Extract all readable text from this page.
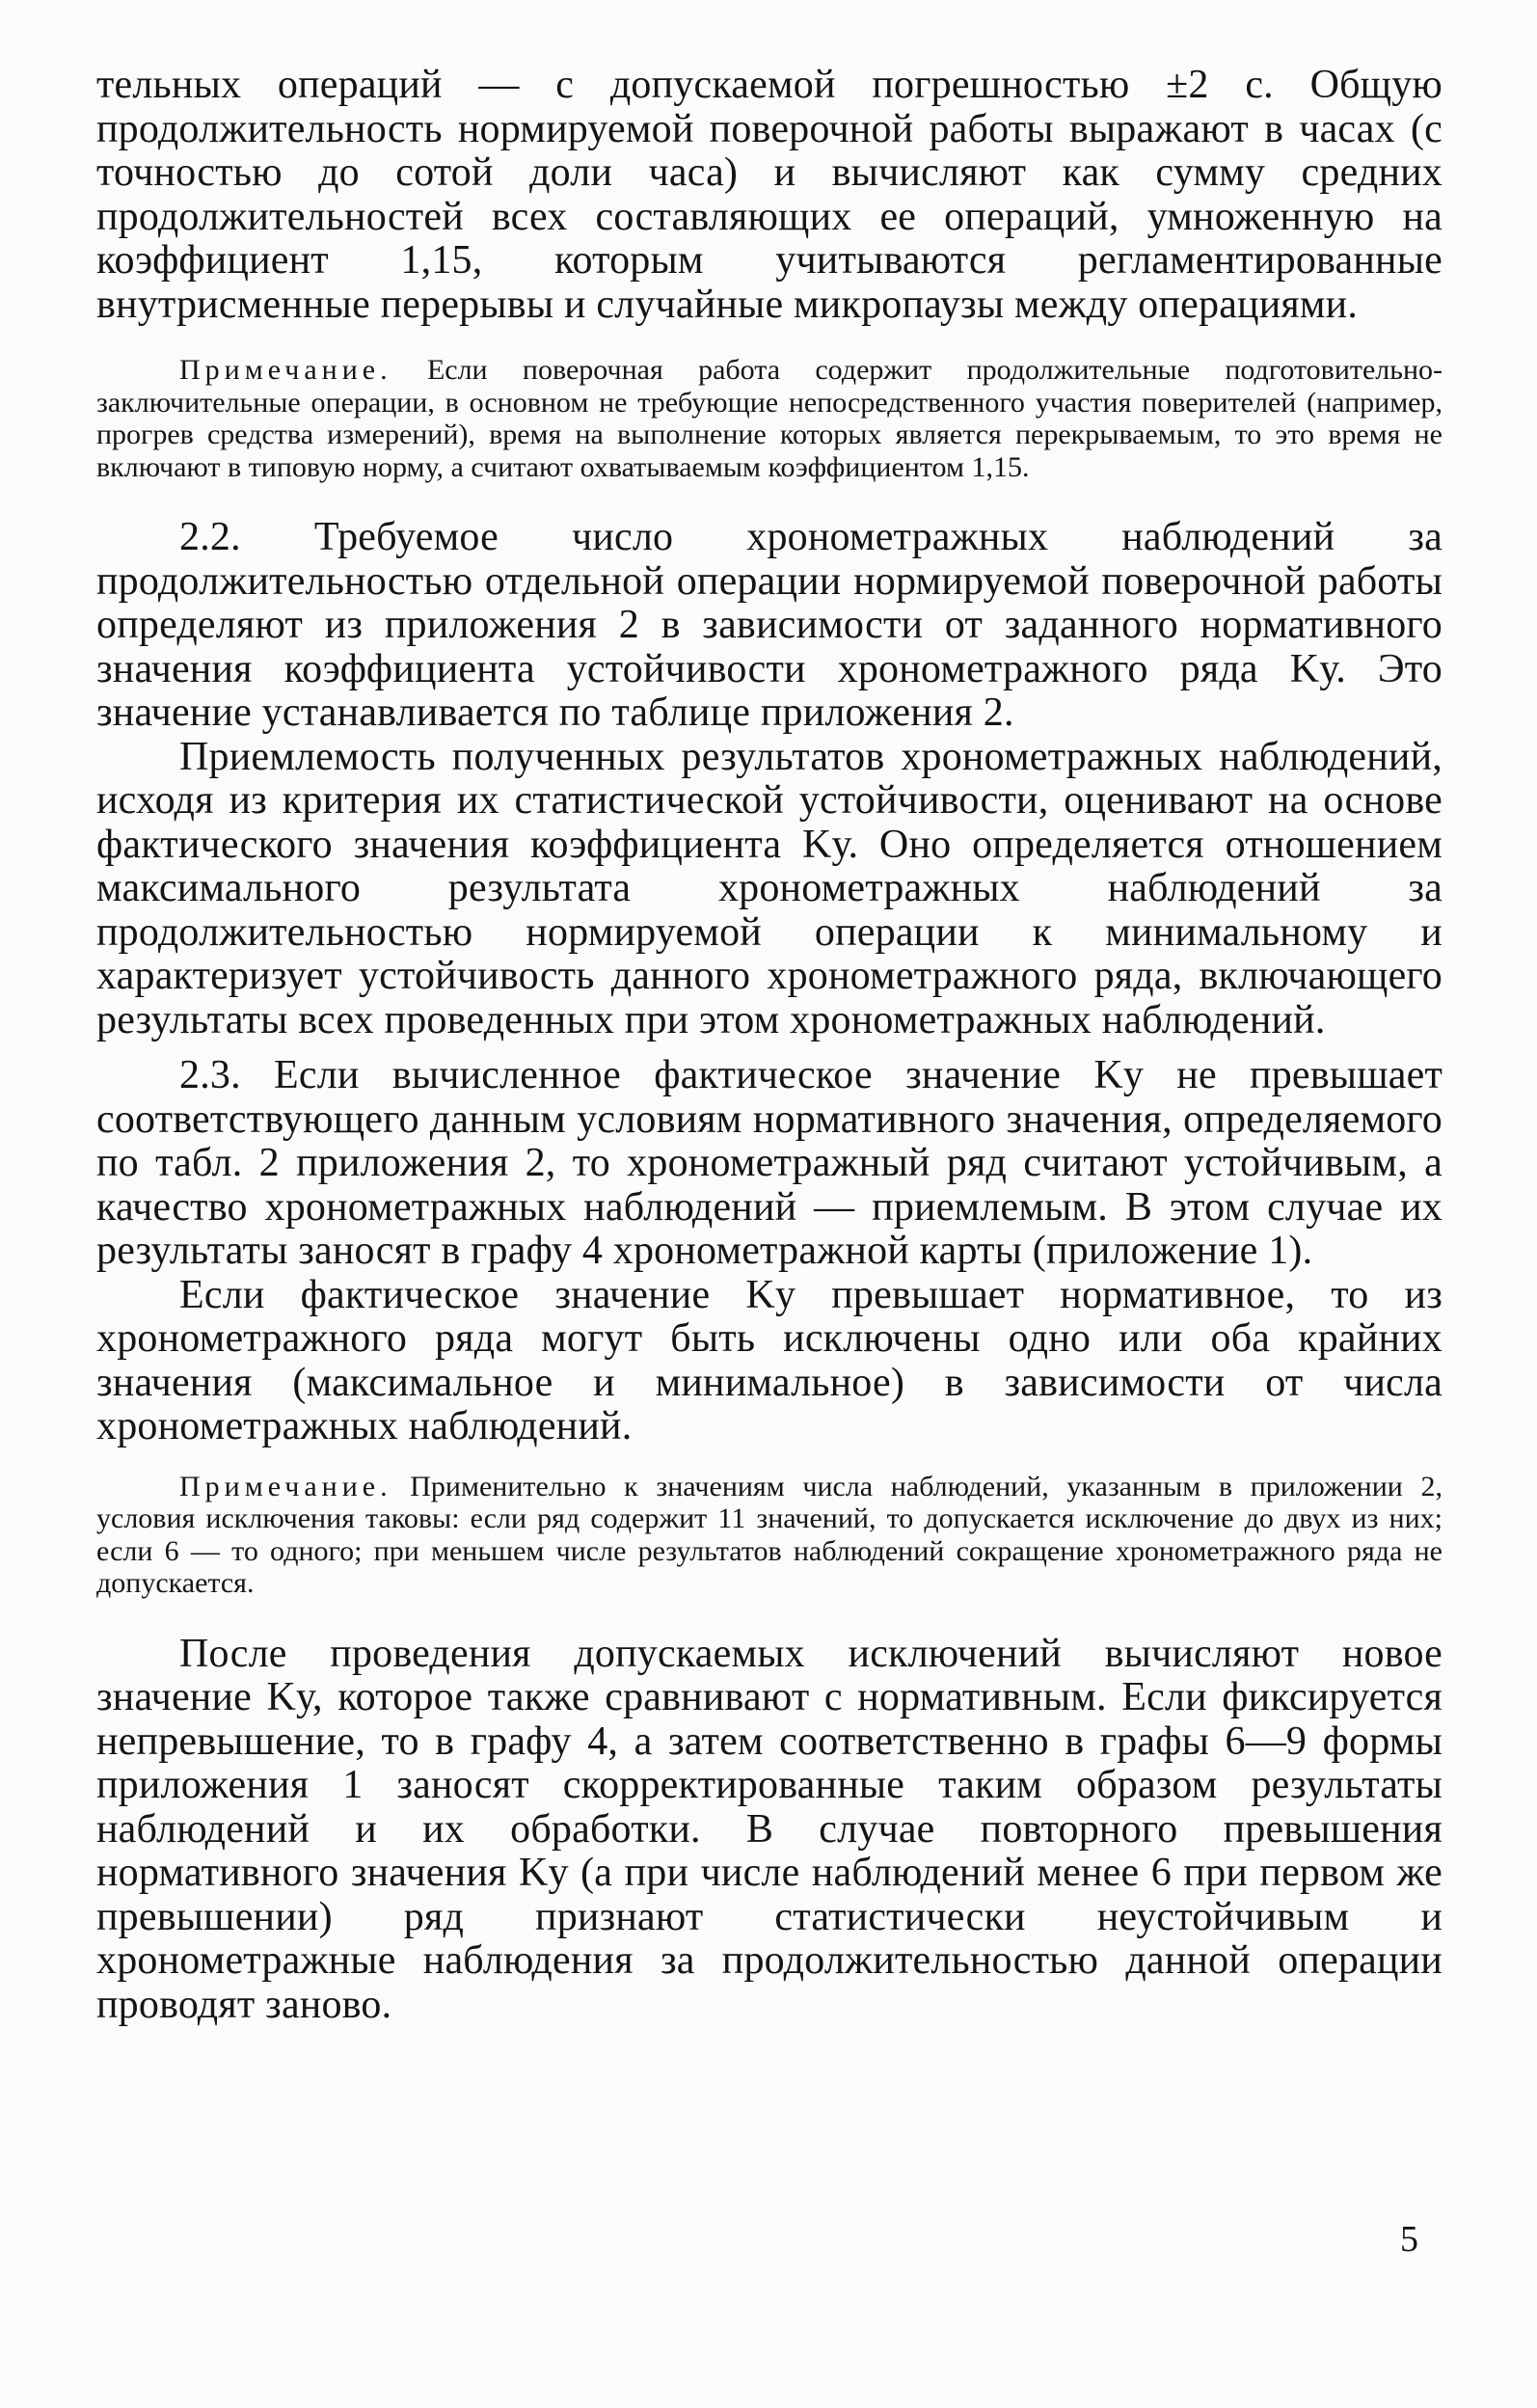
тельных операций — с допускаемой погрешностью ±2 с. Общую продолжительность нормируемой поверочной работы выражают в часах (с точностью до сотой доли часа) и вычисляют как сумму средних продолжительностей всех составляющих ее операций, умноженную на коэффициент 1,15, которым учитываются регламентированные внутрисменные перерывы и случайные микропаузы между операциями.

Примечание. Если поверочная работа содержит продолжительные подготовительно-заключительные операции, в основном не требующие непосредственного участия поверителей (например, прогрев средства измерений), время на выполнение которых является перекрываемым, то это время не включают в типовую норму, а считают охватываемым коэффициентом 1,15.

2.2. Требуемое число хронометражных наблюдений за продолжительностью отдельной операции нормируемой поверочной работы определяют из приложения 2 в зависимости от заданного нормативного значения коэффициента устойчивости хронометражного ряда Kу. Это значение устанавливается по таблице приложения 2.

Приемлемость полученных результатов хронометражных наблюдений, исходя из критерия их статистической устойчивости, оценивают на основе фактического значения коэффициента Kу. Оно определяется отношением максимального результата хронометражных наблюдений за продолжительностью нормируемой операции к минимальному и характеризует устойчивость данного хронометражного ряда, включающего результаты всех проведенных при этом хронометражных наблюдений.

2.3. Если вычисленное фактическое значение Kу не превышает соответствующего данным условиям нормативного значения, определяемого по табл. 2 приложения 2, то хронометражный ряд считают устойчивым, а качество хронометражных наблюдений — приемлемым. В этом случае их результаты заносят в графу 4 хронометражной карты (приложение 1).

Если фактическое значение Kу превышает нормативное, то из хронометражного ряда могут быть исключены одно или оба крайних значения (максимальное и минимальное) в зависимости от числа хронометражных наблюдений.

Примечание. Применительно к значениям числа наблюдений, указанным в приложении 2, условия исключения таковы: если ряд содержит 11 значений, то допускается исключение до двух из них; если 6 — то одного; при меньшем числе результатов наблюдений сокращение хронометражного ряда не допускается.

После проведения допускаемых исключений вычисляют новое значение Kу, которое также сравнивают с нормативным. Если фиксируется непревышение, то в графу 4, а затем соответственно в графы 6—9 формы приложения 1 заносят скорректированные таким образом результаты наблюдений и их обработки. В случае повторного превышения нормативного значения Kу (а при числе наблюдений менее 6 при первом же превышении) ряд признают статистически неустойчивым и хронометражные наблюдения за продолжительностью данной операции проводят заново.

5
